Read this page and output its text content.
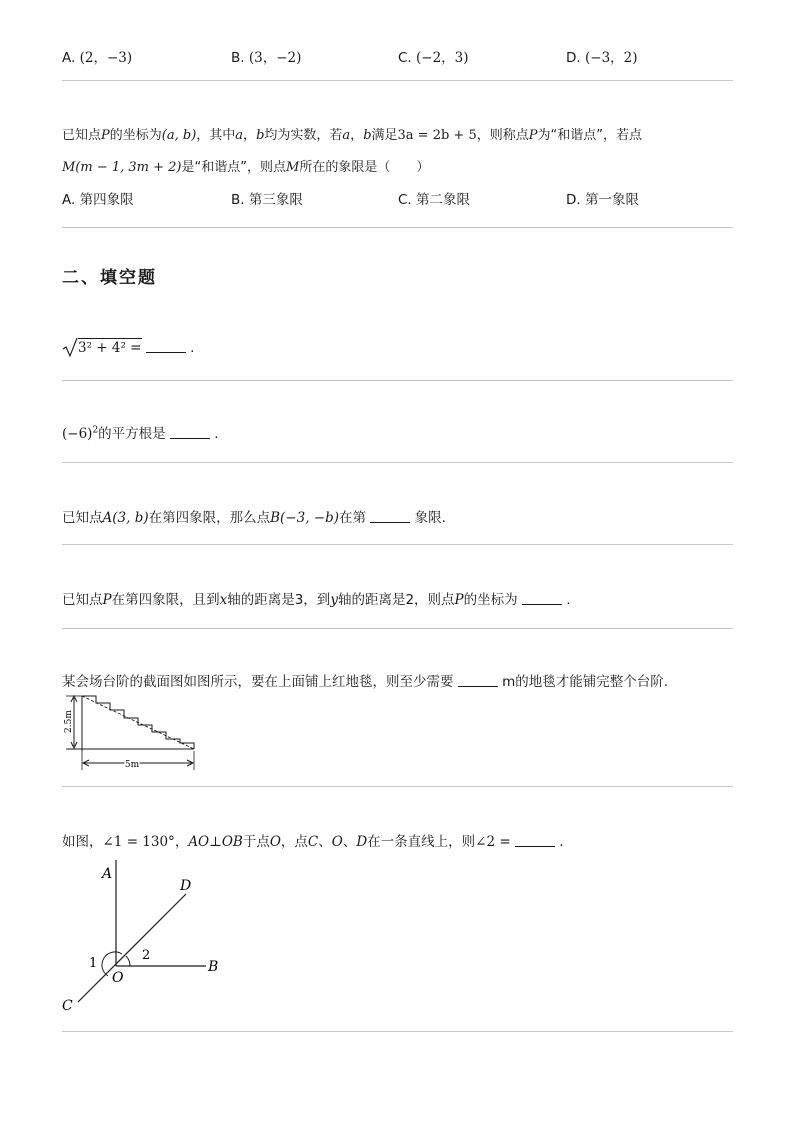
A. (2，−3)	B. (3，−2)	C. (−2，3)	D. (−3，2)
已知点P的坐标为(a, b)，其中a，b均为实数，若a，b满足3a = 2b + 5，则称点P为“和谐点”，若点
M(m − 1, 3m + 2)是“和谐点”，则点M所在的象限是（　　）
A. 第四象限	B. 第三象限	C. 第二象限	D. 第一象限
二、填空题
3² + 4² =	.
$(-6)^2$的平方根是	.
已知点A(3, b)在第四象限，那么点B(−3, −b)在第	象限.
已知点P在第四象限，且到x轴的距离是3，到y轴的距离是2，则点P的坐标为	.
某会场台阶的截面图如图所示，要在上面铺上红地毯，则至少需要	m的地毯才能铺完整个台阶.
2.5m
5m
如图，∠1 = 130°，AO⊥OB于点O，点C、O、D在一条直线上，则∠2 =	.
A
D
B
O
C
1
2
